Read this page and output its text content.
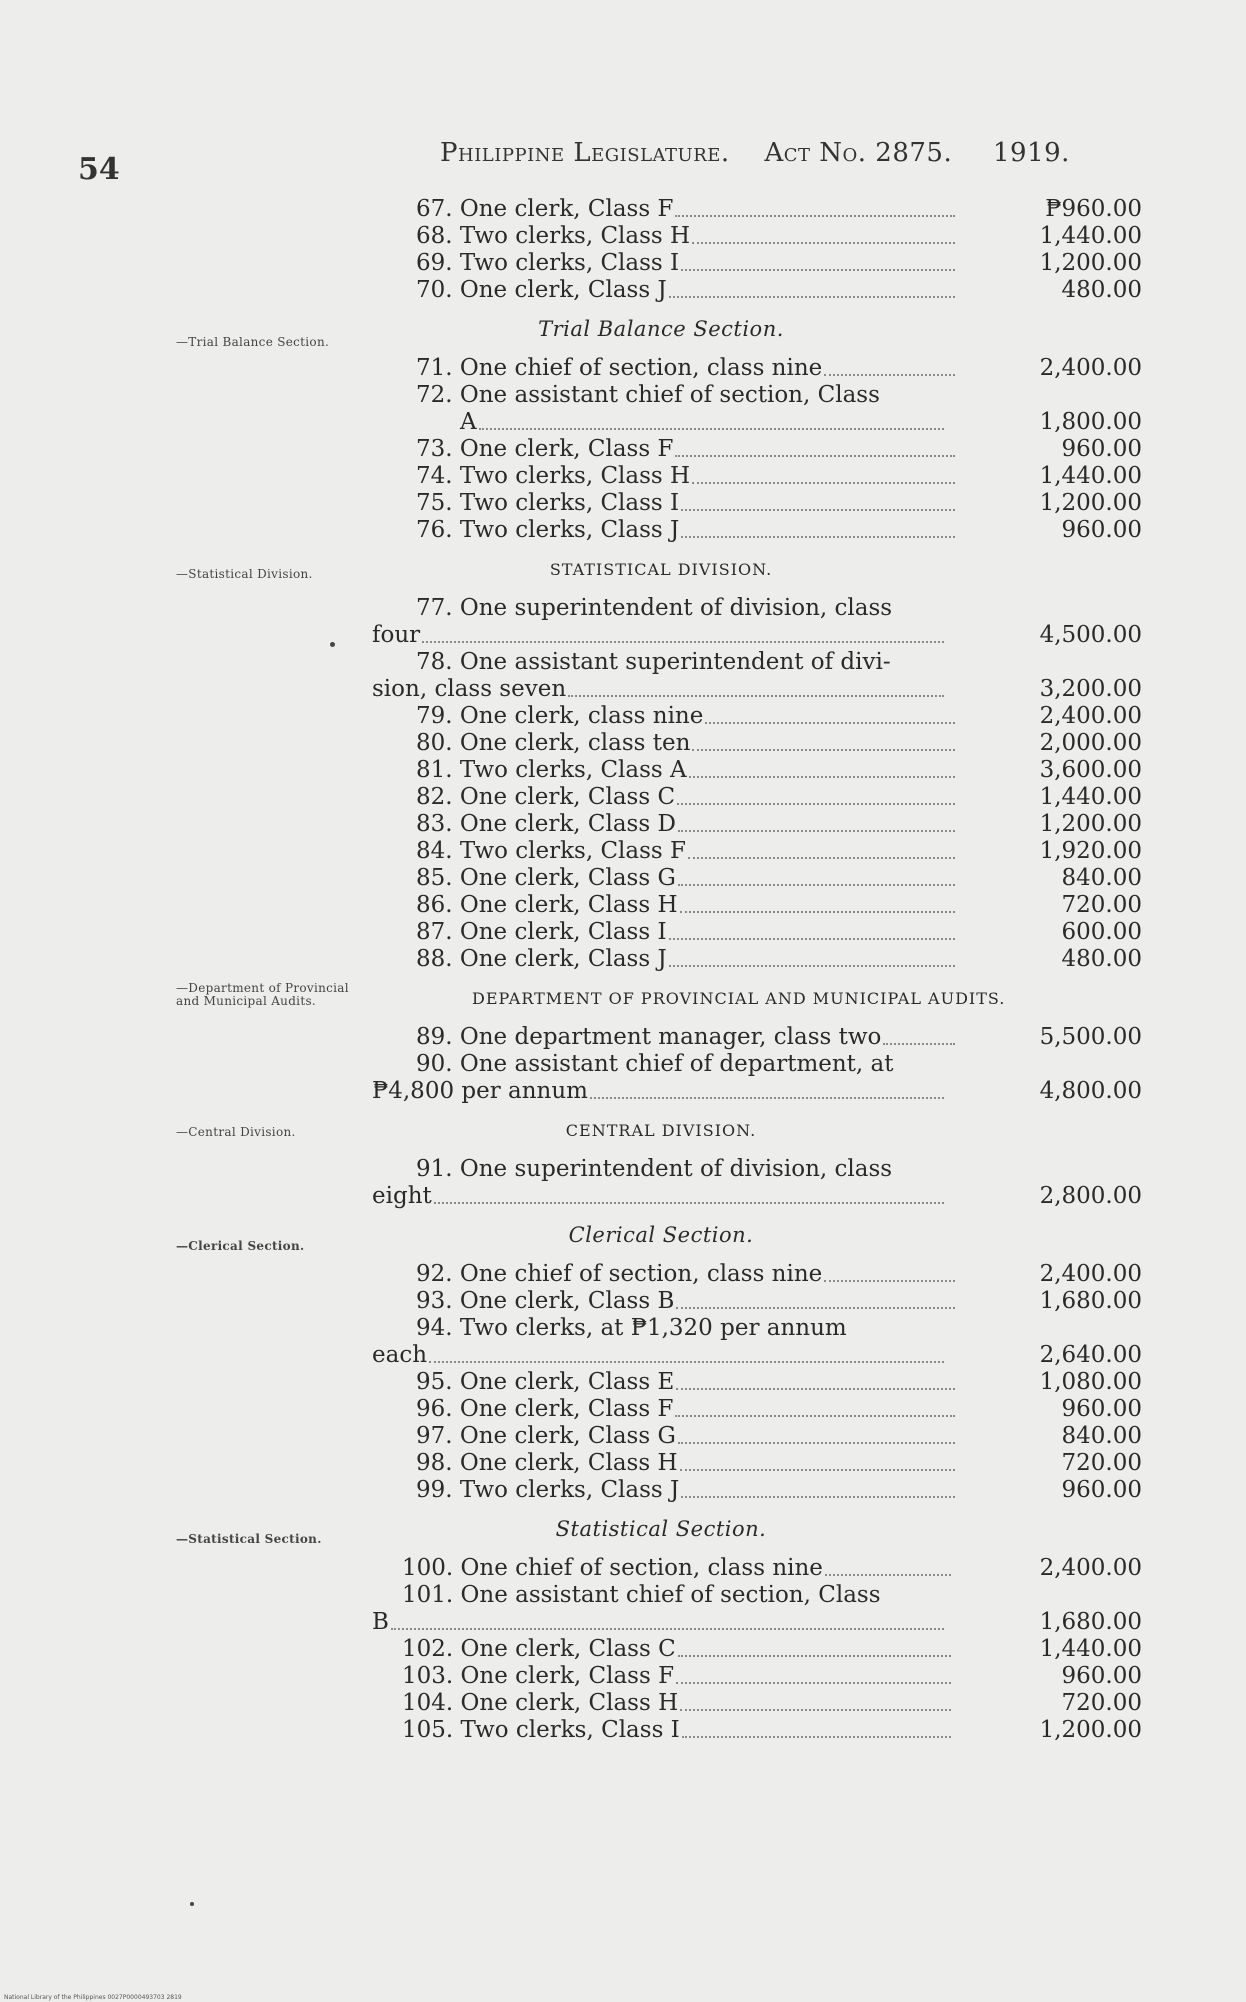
54	Philippine Legislature. Act No. 2875. 1919.
—Trial Balance Section.
—Statistical Division.
—Department of Provincial and Municipal Audits.
—Central Division.
—Clerical Section.
—Statistical Section.
67. One clerk, Class F	₱960.00
68. Two clerks, Class H	1,440.00
69. Two clerks, Class I	1,200.00
70. One clerk, Class J	480.00
Trial Balance Section.
71. One chief of section, class nine	2,400.00
72. One assistant chief of section, Class
A	1,800.00
73. One clerk, Class F	960.00
74. Two clerks, Class H	1,440.00
75. Two clerks, Class I	1,200.00
76. Two clerks, Class J	960.00
STATISTICAL DIVISION.
77. One superintendent of division, class
four	4,500.00
78. One assistant superintendent of divi-
sion, class seven	3,200.00
79. One clerk, class nine	2,400.00
80. One clerk, class ten	2,000.00
81. Two clerks, Class A	3,600.00
82. One clerk, Class C	1,440.00
83. One clerk, Class D	1,200.00
84. Two clerks, Class F	1,920.00
85. One clerk, Class G	840.00
86. One clerk, Class H	720.00
87. One clerk, Class I	600.00
88. One clerk, Class J	480.00
DEPARTMENT OF PROVINCIAL AND MUNICIPAL AUDITS.
89. One department manager, class two	5,500.00
90. One assistant chief of department, at
₱4,800 per annum	4,800.00
CENTRAL DIVISION.
91. One superintendent of division, class
eight	2,800.00
Clerical Section.
92. One chief of section, class nine	2,400.00
93. One clerk, Class B	1,680.00
94. Two clerks, at ₱1,320 per annum
each	2,640.00
95. One clerk, Class E	1,080.00
96. One clerk, Class F	960.00
97. One clerk, Class G	840.00
98. One clerk, Class H	720.00
99. Two clerks, Class J	960.00
Statistical Section.
100. One chief of section, class nine	2,400.00
101. One assistant chief of section, Class
B	1,680.00
102. One clerk, Class C	1,440.00
103. One clerk, Class F	960.00
104. One clerk, Class H	720.00
105. Two clerks, Class I	1,200.00
National Library of the Philippines 0027P0000493703 2819
